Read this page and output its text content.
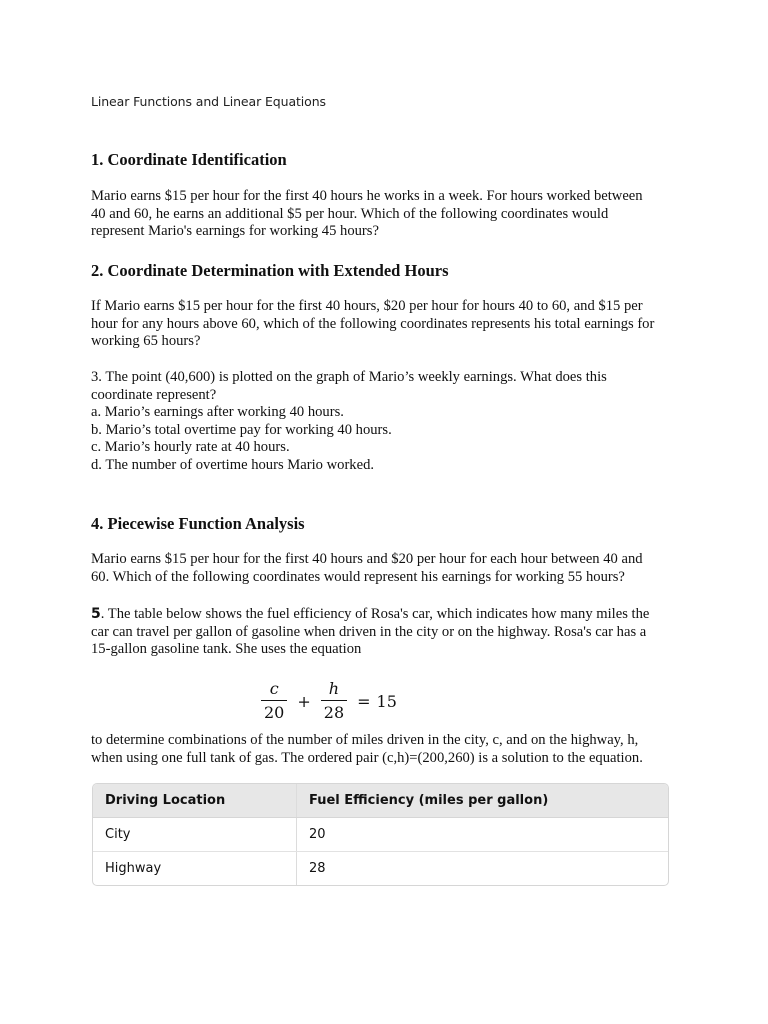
Linear Functions and Linear Equations
1. Coordinate Identification

Mario earns $15 per hour for the first 40 hours he works in a week. For hours worked between
40 and 60, he earns an additional $5 per hour. Which of the following coordinates would
represent Mario's earnings for working 45 hours?

2. Coordinate Determination with Extended Hours

If Mario earns $15 per hour for the first 40 hours, $20 per hour for hours 40 to 60, and $15 per
hour for any hours above 60, which of the following coordinates represents his total earnings for
working 65 hours?

3. The point (40,600) is plotted on the graph of Mario’s weekly earnings. What does this
coordinate represent?
a. Mario’s earnings after working 40 hours.
b. Mario’s total overtime pay for working 40 hours.
c. Mario’s hourly rate at 40 hours.
d. The number of overtime hours Mario worked.

4. Piecewise Function Analysis

Mario earns $15 per hour for the first 40 hours and $20 per hour for each hour between 40 and
60. Which of the following coordinates would represent his earnings for working 55 hours?

5. The table below shows the fuel efficiency of Rosa's car, which indicates how many miles the
car can travel per gallon of gasoline when driven in the city or on the highway. Rosa's car has a
15-gallon gasoline tank. She uses the equation

$\frac{c}{20} + \frac{h}{28} = 15$

to determine combinations of the number of miles driven in the city, c, and on the highway, h,
when using one full tank of gas. The ordered pair (c,h)=(200,260) is a solution to the equation.

Driving Location	Fuel Efficiency (miles per gallon)
City	20
Highway	28
